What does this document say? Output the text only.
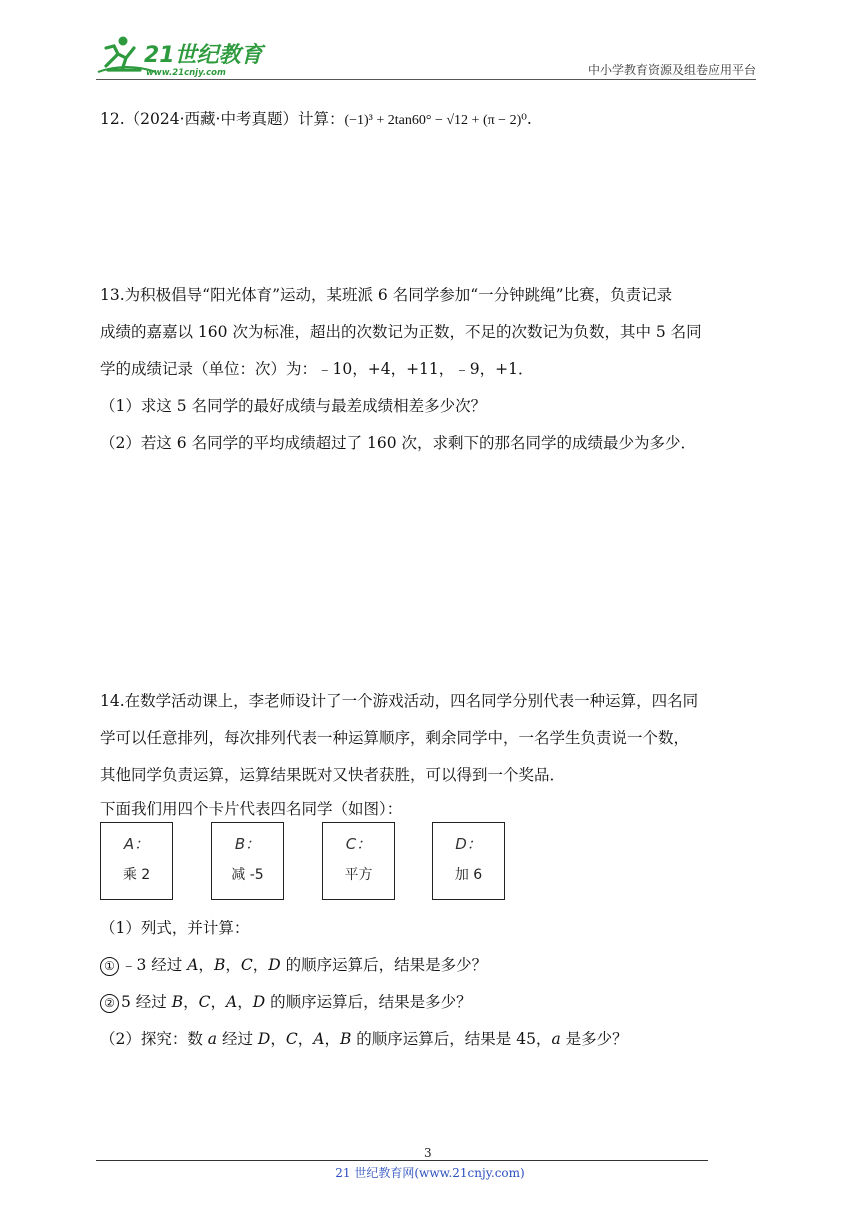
21世纪教育
www.21cnjy.com	中小学教育资源及组卷应用平台

12.（2024·西藏·中考真题）计算：(−1)³ + 2tan60° − √12 + (π − 2)⁰.

13.为积极倡导“阳光体育”运动，某班派 6 名同学参加“一分钟跳绳”比赛，负责记录
成绩的嘉嘉以 160 次为标准，超出的次数记为正数，不足的次数记为负数，其中 5 名同
学的成绩记录（单位：次）为：﹣10，+4，+11，﹣9，+1．
（1）求这 5 名同学的最好成绩与最差成绩相差多少次？
（2）若这 6 名同学的平均成绩超过了 160 次，求剩下的那名同学的成绩最少为多少．
14.在数学活动课上，李老师设计了一个游戏活动，四名同学分别代表一种运算，四名同
学可以任意排列，每次排列代表一种运算顺序，剩余同学中，一名学生负责说一个数，
其他同学负责运算，运算结果既对又快者获胜，可以得到一个奖品．
下面我们用四个卡片代表四名同学（如图）：
A：
乘 2
B：
减 -5
C：
平方
D：
加 6
（1）列式，并计算：
① ﹣3 经过 A，B，C，D 的顺序运算后，结果是多少？
② 5 经过 B，C，A，D 的顺序运算后，结果是多少？
（2）探究：数 a 经过 D，C，A，B 的顺序运算后，结果是 45，a 是多少？
3
21 世纪教育网(www.21cnjy.com)
